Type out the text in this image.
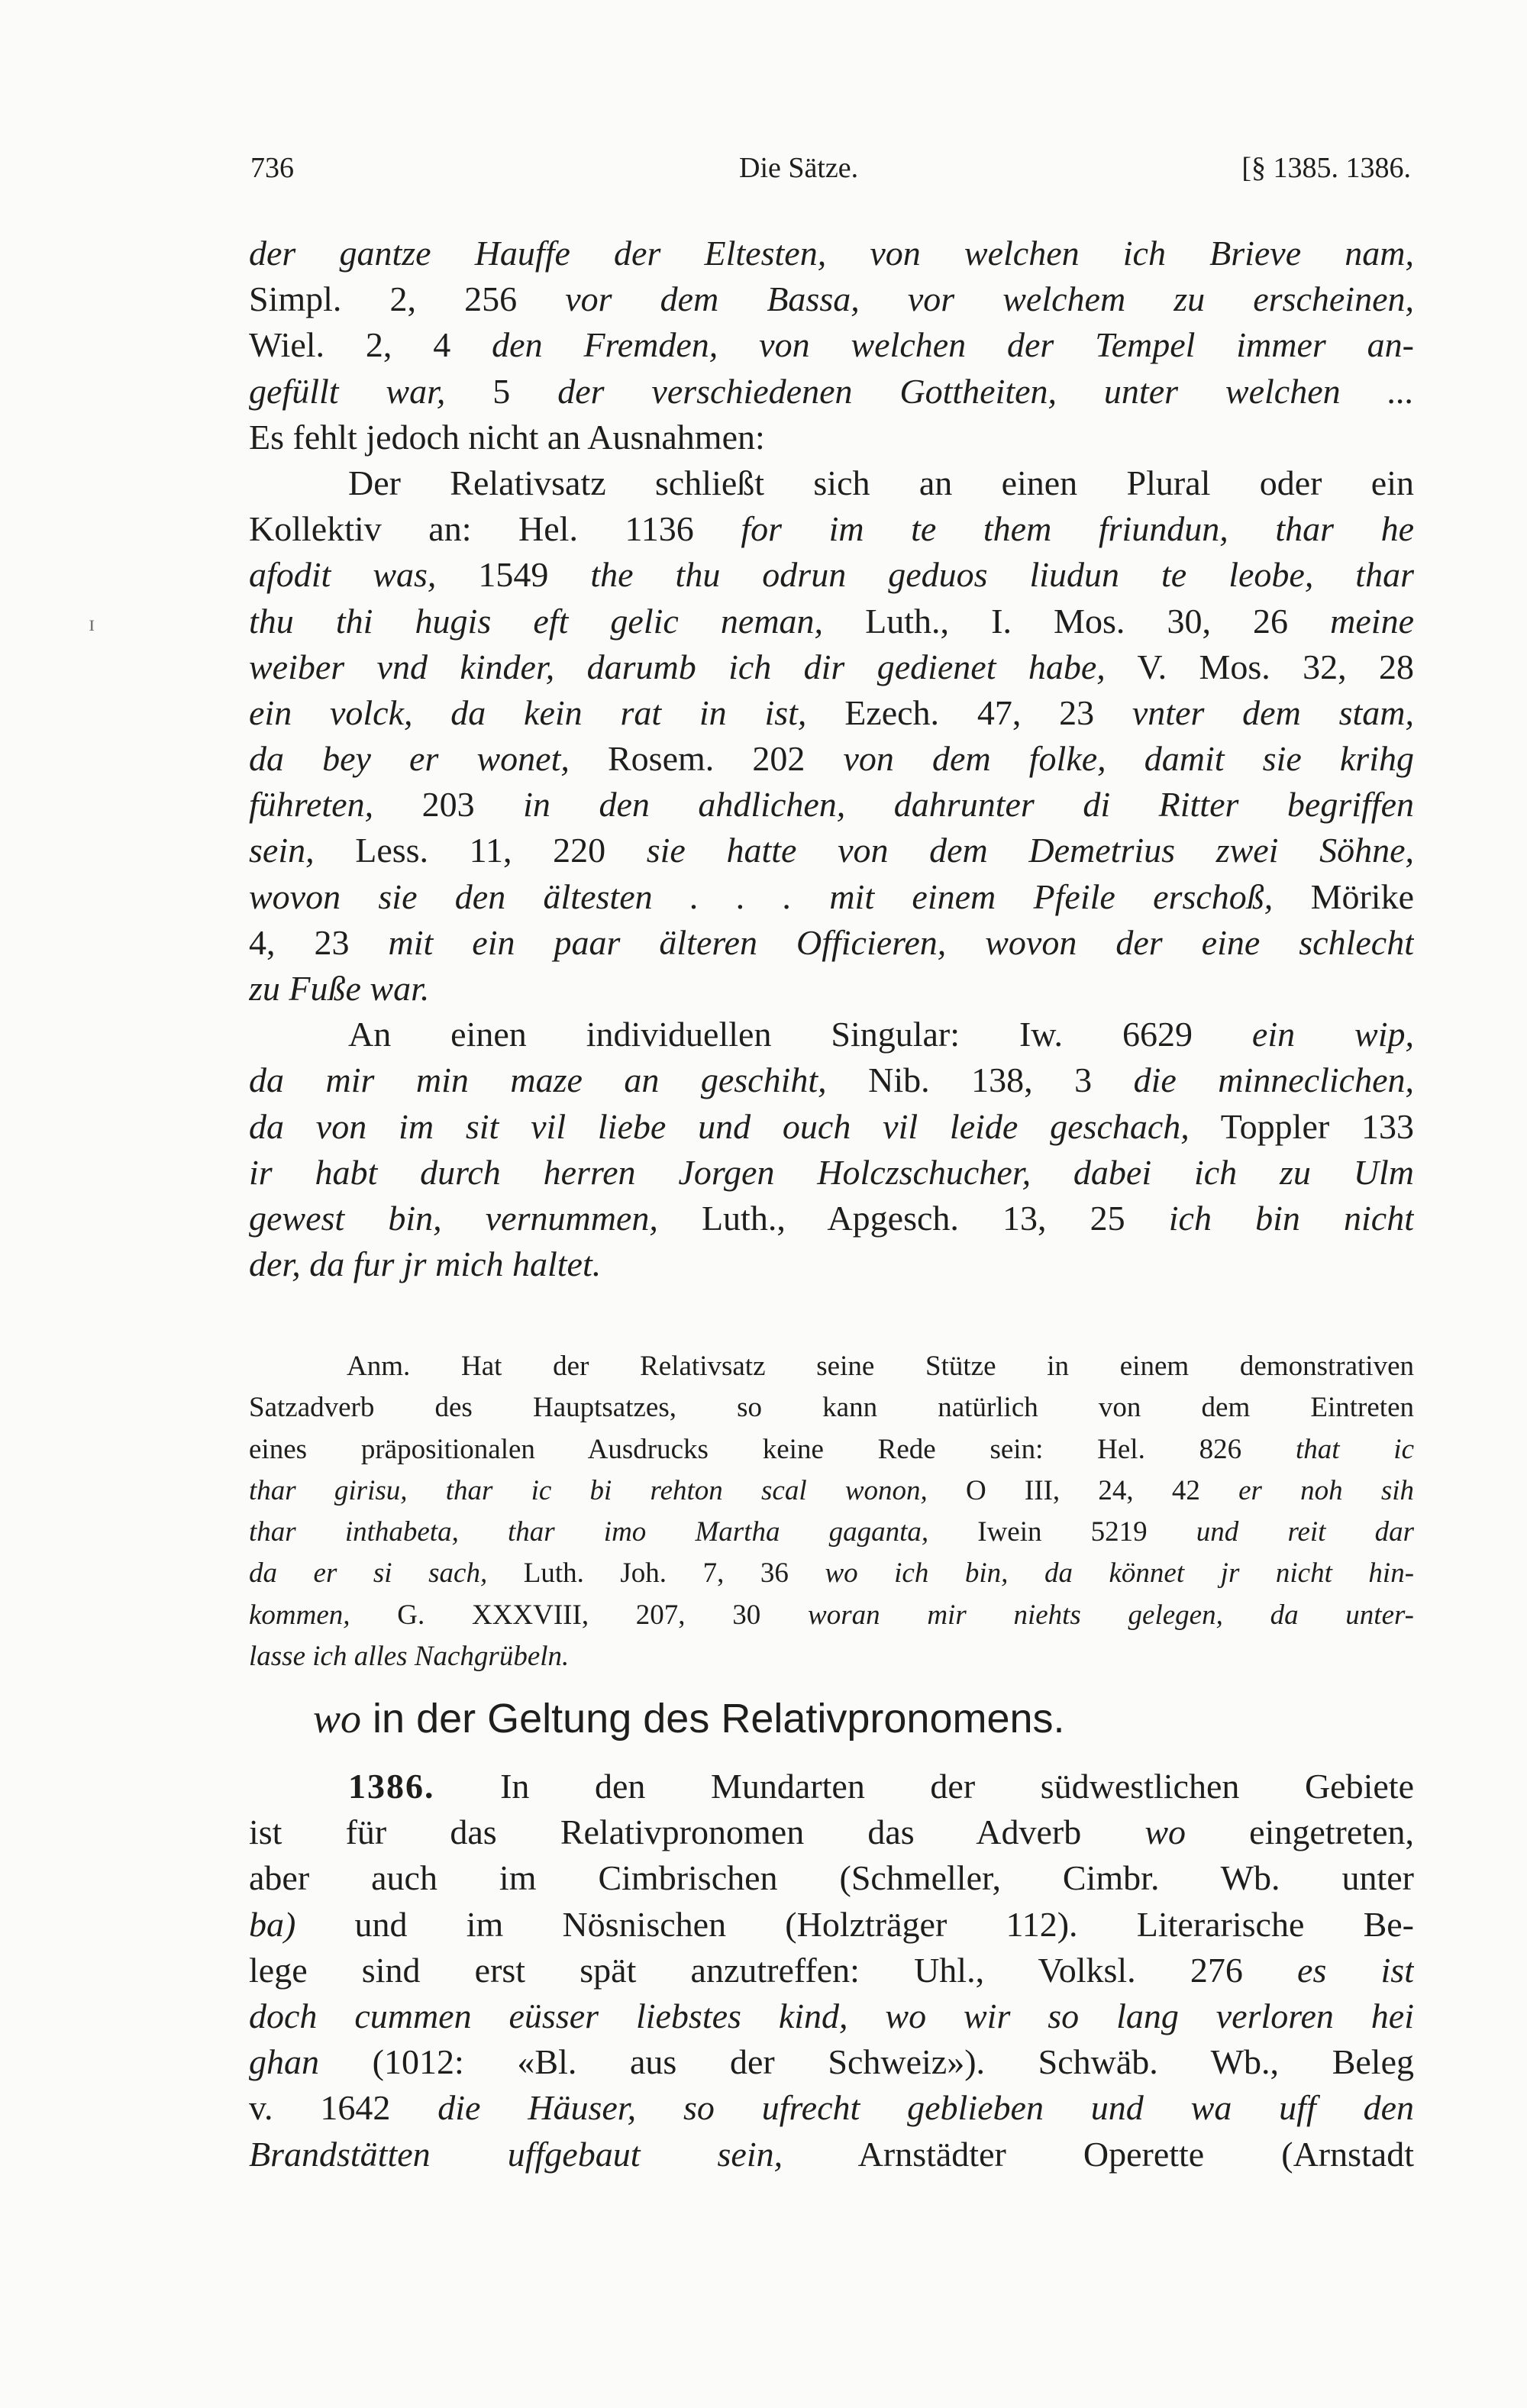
736	Die Sätze.	[§ 1385. 1386.
ɪ
der gantze Hauffe der Eltesten, von welchen ich Brieve nam,
Simpl. 2, 256 vor dem Bassa, vor welchem zu erscheinen,
Wiel. 2, 4 den Fremden, von welchen der Tempel immer an-
gefüllt war, 5 der verschiedenen Gottheiten, unter welchen ...
Es fehlt jedoch nicht an Ausnahmen:
Der Relativsatz schließt sich an einen Plural oder ein
Kollektiv an: Hel. 1136 for im te them friundun, thar he
afodit was, 1549 the thu odrun geduos liudun te leobe, thar
thu thi hugis eft gelic neman, Luth., I. Mos. 30, 26 meine
weiber vnd kinder, darumb ich dir gedienet habe, V. Mos. 32, 28
ein volck, da kein rat in ist, Ezech. 47, 23 vnter dem stam,
da bey er wonet, Rosem. 202 von dem folke, damit sie krihg
führeten, 203 in den ahdlichen, dahrunter di Ritter begriffen
sein, Less. 11, 220 sie hatte von dem Demetrius zwei Söhne,
wovon sie den ältesten . . . mit einem Pfeile erschoß, Mörike
4, 23 mit ein paar älteren Officieren, wovon der eine schlecht
zu Fuße war.
An einen individuellen Singular: Iw. 6629 ein wip,
da mir min maze an geschiht, Nib. 138, 3 die minneclichen,
da von im sit vil liebe und ouch vil leide geschach, Toppler 133
ir habt durch herren Jorgen Holczschucher, dabei ich zu Ulm
gewest bin, vernummen, Luth., Apgesch. 13, 25 ich bin nicht
der, da fur jr mich haltet.
Anm. Hat der Relativsatz seine Stütze in einem demonstrativen
Satzadverb des Hauptsatzes, so kann natürlich von dem Eintreten
eines präpositionalen Ausdrucks keine Rede sein: Hel. 826 that ic
thar girisu, thar ic bi rehton scal wonon, O III, 24, 42 er noh sih
thar inthabeta, thar imo Martha gaganta, Iwein 5219 und reit dar
da er si sach, Luth. Joh. 7, 36 wo ich bin, da könnet jr nicht hin-
kommen, G. XXXVIII, 207, 30 woran mir niehts gelegen, da unter-
lasse ich alles Nachgrübeln.
wo in der Geltung des Relativpronomens.
1386. In den Mundarten der südwestlichen Gebiete
ist für das Relativpronomen das Adverb wo eingetreten,
aber auch im Cimbrischen (Schmeller, Cimbr. Wb. unter
ba) und im Nösnischen (Holzträger 112). Literarische Be-
lege sind erst spät anzutreffen: Uhl., Volksl. 276 es ist
doch cummen eüsser liebstes kind, wo wir so lang verloren hei
ghan (1012: «Bl. aus der Schweiz»). Schwäb. Wb., Beleg
v. 1642 die Häuser, so ufrecht geblieben und wa uff den
Brandstätten uffgebaut sein, Arnstädter Operette (Arnstadt
